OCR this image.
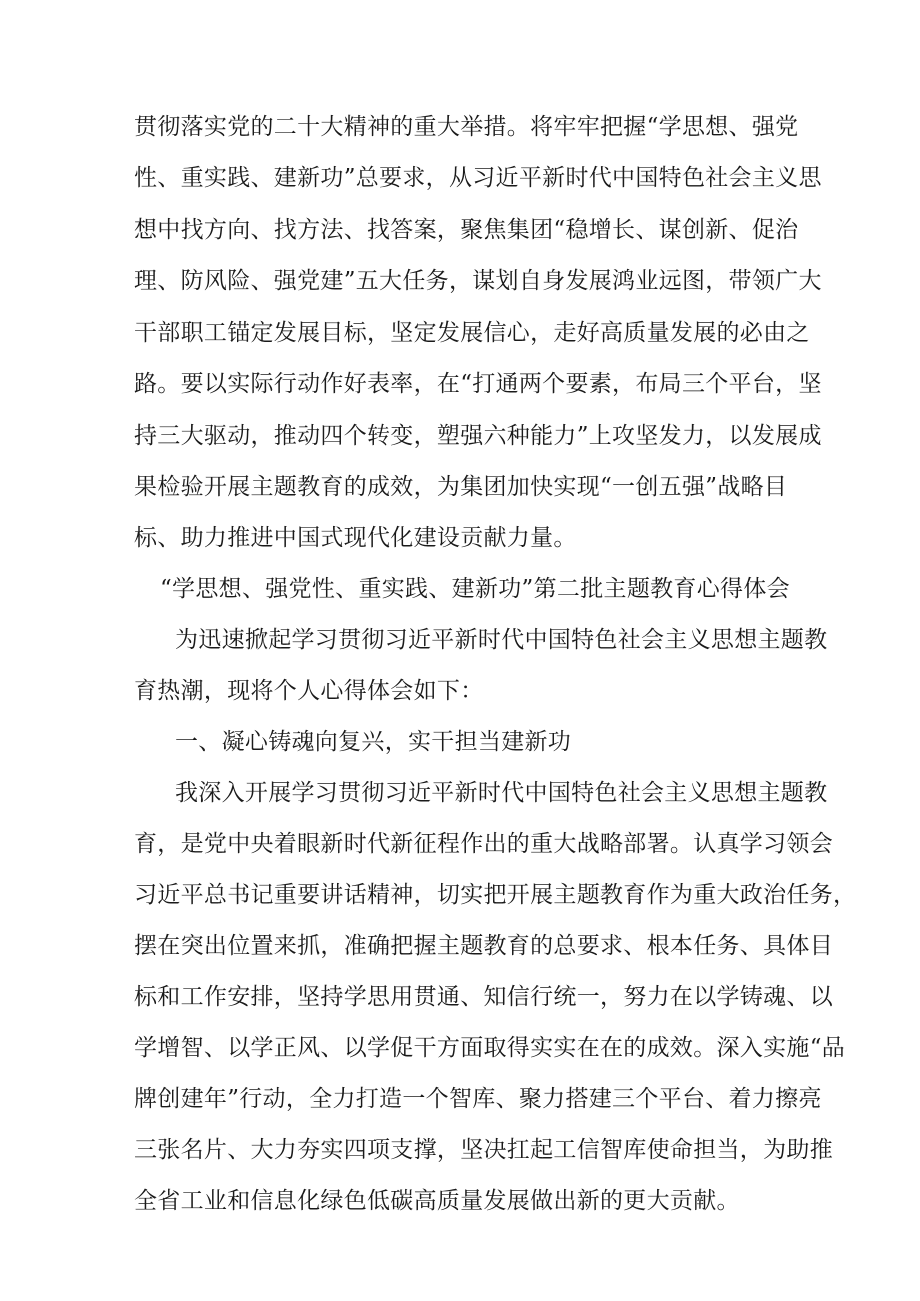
贯彻落实党的二十大精神的重大举措。将牢牢把握“学思想、强党
性、重实践、建新功”总要求，从习近平新时代中国特色社会主义思
想中找方向、找方法、找答案，聚焦集团“稳增长、谋创新、促治
理、防风险、强党建”五大任务，谋划自身发展鸿业远图，带领广大
干部职工锚定发展目标，坚定发展信心，走好高质量发展的必由之
路。要以实际行动作好表率，在“打通两个要素，布局三个平台，坚
持三大驱动，推动四个转变，塑强六种能力”上攻坚发力，以发展成
果检验开展主题教育的成效，为集团加快实现“一创五强”战略目
标、助力推进中国式现代化建设贡献力量。
“学思想、强党性、重实践、建新功”第二批主题教育心得体会
为迅速掀起学习贯彻习近平新时代中国特色社会主义思想主题教
育热潮，现将个人心得体会如下：
一、凝心铸魂向复兴，实干担当建新功
我深入开展学习贯彻习近平新时代中国特色社会主义思想主题教
育，是党中央着眼新时代新征程作出的重大战略部署。认真学习领会
习近平总书记重要讲话精神，切实把开展主题教育作为重大政治任务，
摆在突出位置来抓，准确把握主题教育的总要求、根本任务、具体目
标和工作安排，坚持学思用贯通、知信行统一，努力在以学铸魂、以
学增智、以学正风、以学促干方面取得实实在在的成效。深入实施“品
牌创建年”行动，全力打造一个智库、聚力搭建三个平台、着力擦亮
三张名片、大力夯实四项支撑，坚决扛起工信智库使命担当，为助推
全省工业和信息化绿色低碳高质量发展做出新的更大贡献。
